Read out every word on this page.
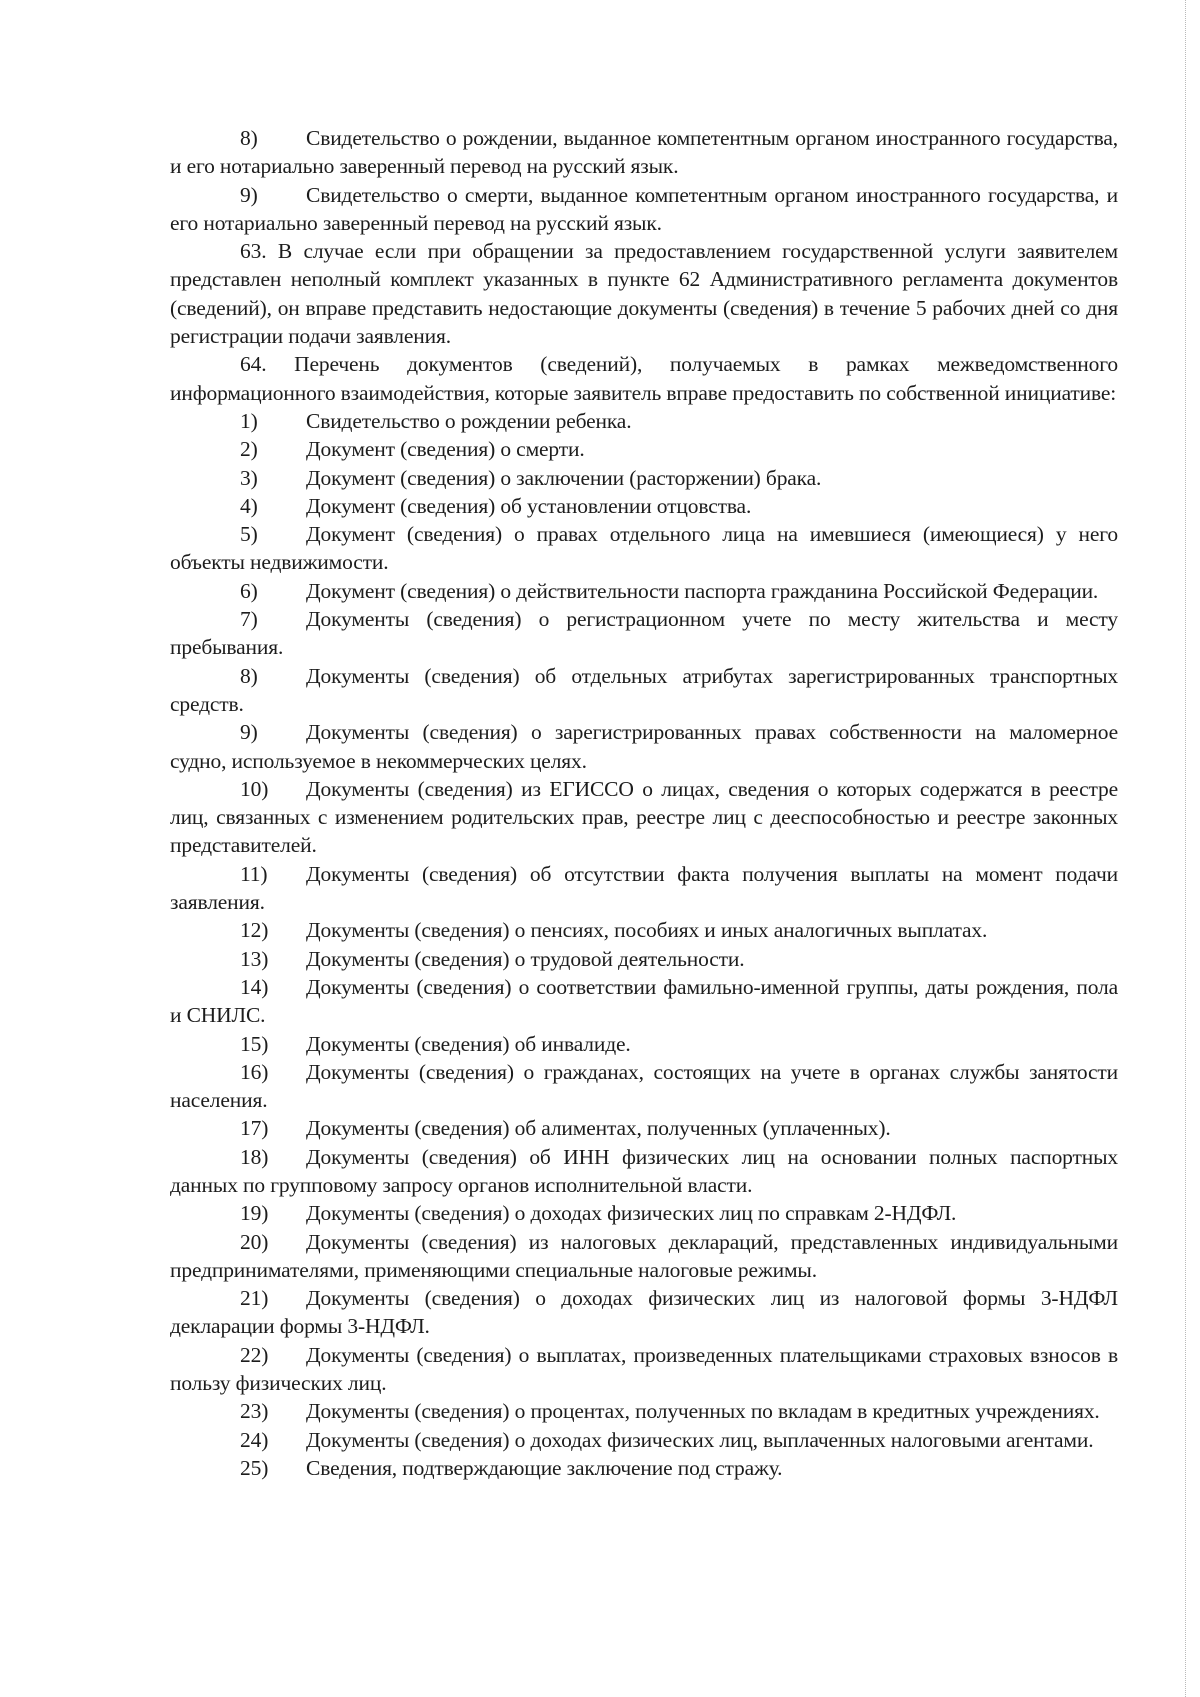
8) Свидетельство о рождении, выданное компетентным органом иностранного государства, и его нотариально заверенный перевод на русский язык.

9) Свидетельство о смерти, выданное компетентным органом иностранного государства, и его нотариально заверенный перевод на русский язык.

63. В случае если при обращении за предоставлением государственной услуги заявителем представлен неполный комплект указанных в пункте 62 Административного регламента документов (сведений), он вправе представить недостающие документы (сведения) в течение 5 рабочих дней со дня регистрации подачи заявления.

64. Перечень документов (сведений), получаемых в рамках межведомственного информационного взаимодействия, которые заявитель вправе предоставить по собственной инициативе:

1) Свидетельство о рождении ребенка.

2) Документ (сведения) о смерти.

3) Документ (сведения) о заключении (расторжении) брака.

4) Документ (сведения) об установлении отцовства.

5) Документ (сведения) о правах отдельного лица на имевшиеся (имеющиеся) у него объекты недвижимости.

6) Документ (сведения) о действительности паспорта гражданина Российской Федерации.

7) Документы (сведения) о регистрационном учете по месту жительства и месту пребывания.

8) Документы (сведения) об отдельных атрибутах зарегистрированных транспортных средств.

9) Документы (сведения) о зарегистрированных правах собственности на маломерное судно, используемое в некоммерческих целях.

10) Документы (сведения) из ЕГИССО о лицах, сведения о которых содержатся в реестре лиц, связанных с изменением родительских прав, реестре лиц с дееспособностью и реестре законных представителей.

11) Документы (сведения) об отсутствии факта получения выплаты на момент подачи заявления.

12) Документы (сведения) о пенсиях, пособиях и иных аналогичных выплатах.

13) Документы (сведения) о трудовой деятельности.

14) Документы (сведения) о соответствии фамильно-именной группы, даты рождения, пола и СНИЛС.

15) Документы (сведения) об инвалиде.

16) Документы (сведения) о гражданах, состоящих на учете в органах службы занятости населения.

17) Документы (сведения) об алиментах, полученных (уплаченных).

18) Документы (сведения) об ИНН физических лиц на основании полных паспортных данных по групповому запросу органов исполнительной власти.

19) Документы (сведения) о доходах физических лиц по справкам 2-НДФЛ.

20) Документы (сведения) из налоговых деклараций, представленных индивидуальными предпринимателями, применяющими специальные налоговые режимы.

21) Документы (сведения) о доходах физических лиц из налоговой формы 3-НДФЛ декларации формы 3-НДФЛ.

22) Документы (сведения) о выплатах, произведенных плательщиками страховых взносов в пользу физических лиц.

23) Документы (сведения) о процентах, полученных по вкладам в кредитных учреждениях.

24) Документы (сведения) о доходах физических лиц, выплаченных налоговыми агентами.

25) Сведения, подтверждающие заключение под стражу.
